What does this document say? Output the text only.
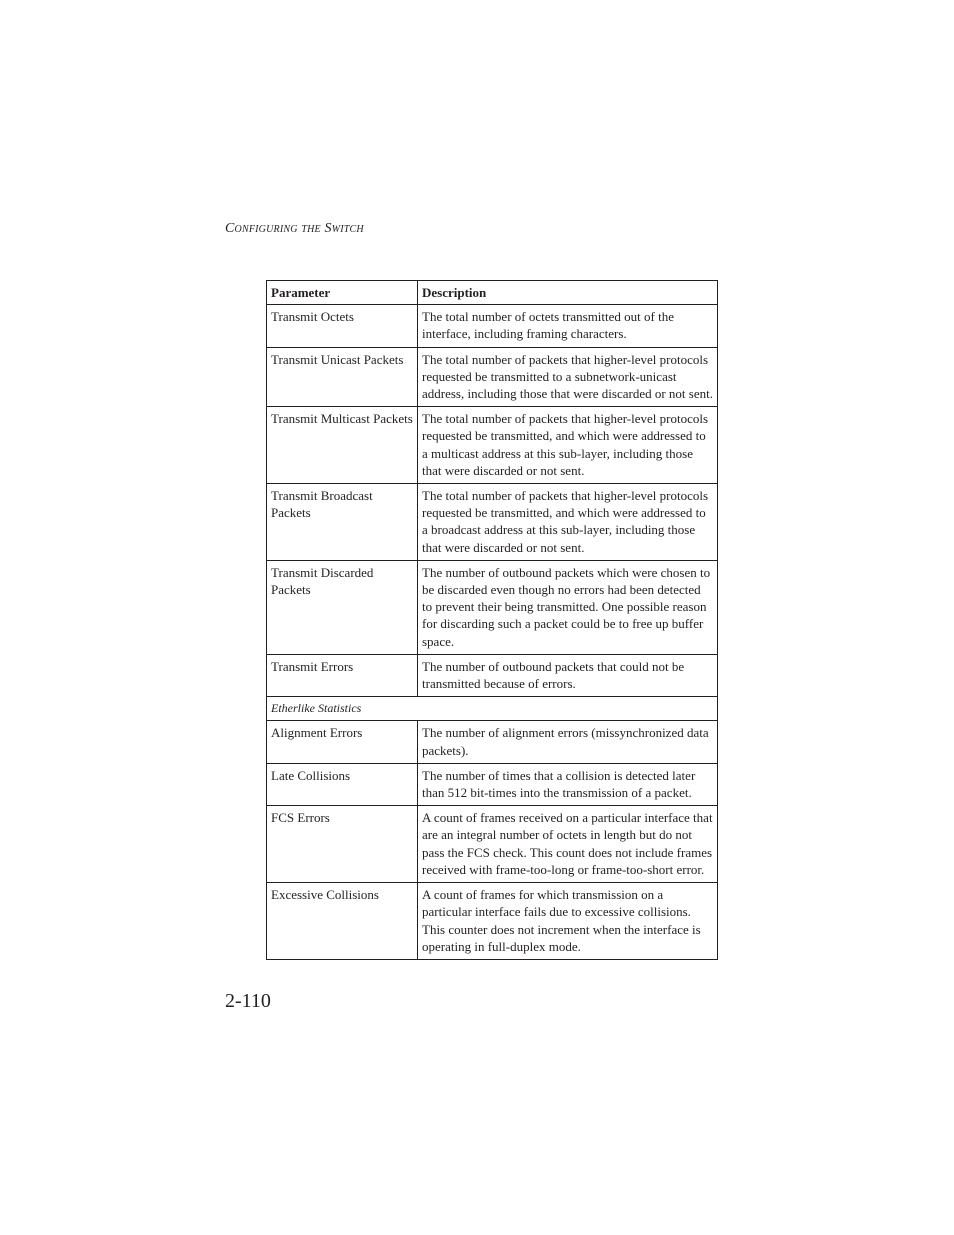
Configuring the Switch
Parameter	Description
Transmit Octets	The total number of octets transmitted out of the interface, including framing characters.
Transmit Unicast Packets	The total number of packets that higher-level protocols requested be transmitted to a subnetwork-unicast address, including those that were discarded or not sent.
Transmit Multicast Packets	The total number of packets that higher-level protocols requested be transmitted, and which were addressed to a multicast address at this sub-layer, including those that were discarded or not sent.
Transmit Broadcast Packets	The total number of packets that higher-level protocols requested be transmitted, and which were addressed to a broadcast address at this sub-layer, including those that were discarded or not sent.
Transmit Discarded Packets	The number of outbound packets which were chosen to be discarded even though no errors had been detected to prevent their being transmitted. One possible reason for discarding such a packet could be to free up buffer space.
Transmit Errors	The number of outbound packets that could not be transmitted because of errors.
Etherlike Statistics	
Alignment Errors	The number of alignment errors (missynchronized data packets).
Late Collisions	The number of times that a collision is detected later than 512 bit-times into the transmission of a packet.
FCS Errors	A count of frames received on a particular interface that are an integral number of octets in length but do not pass the FCS check. This count does not include frames received with frame-too-long or frame-too-short error.
Excessive Collisions	A count of frames for which transmission on a particular interface fails due to excessive collisions. This counter does not increment when the interface is operating in full-duplex mode.
2-110
